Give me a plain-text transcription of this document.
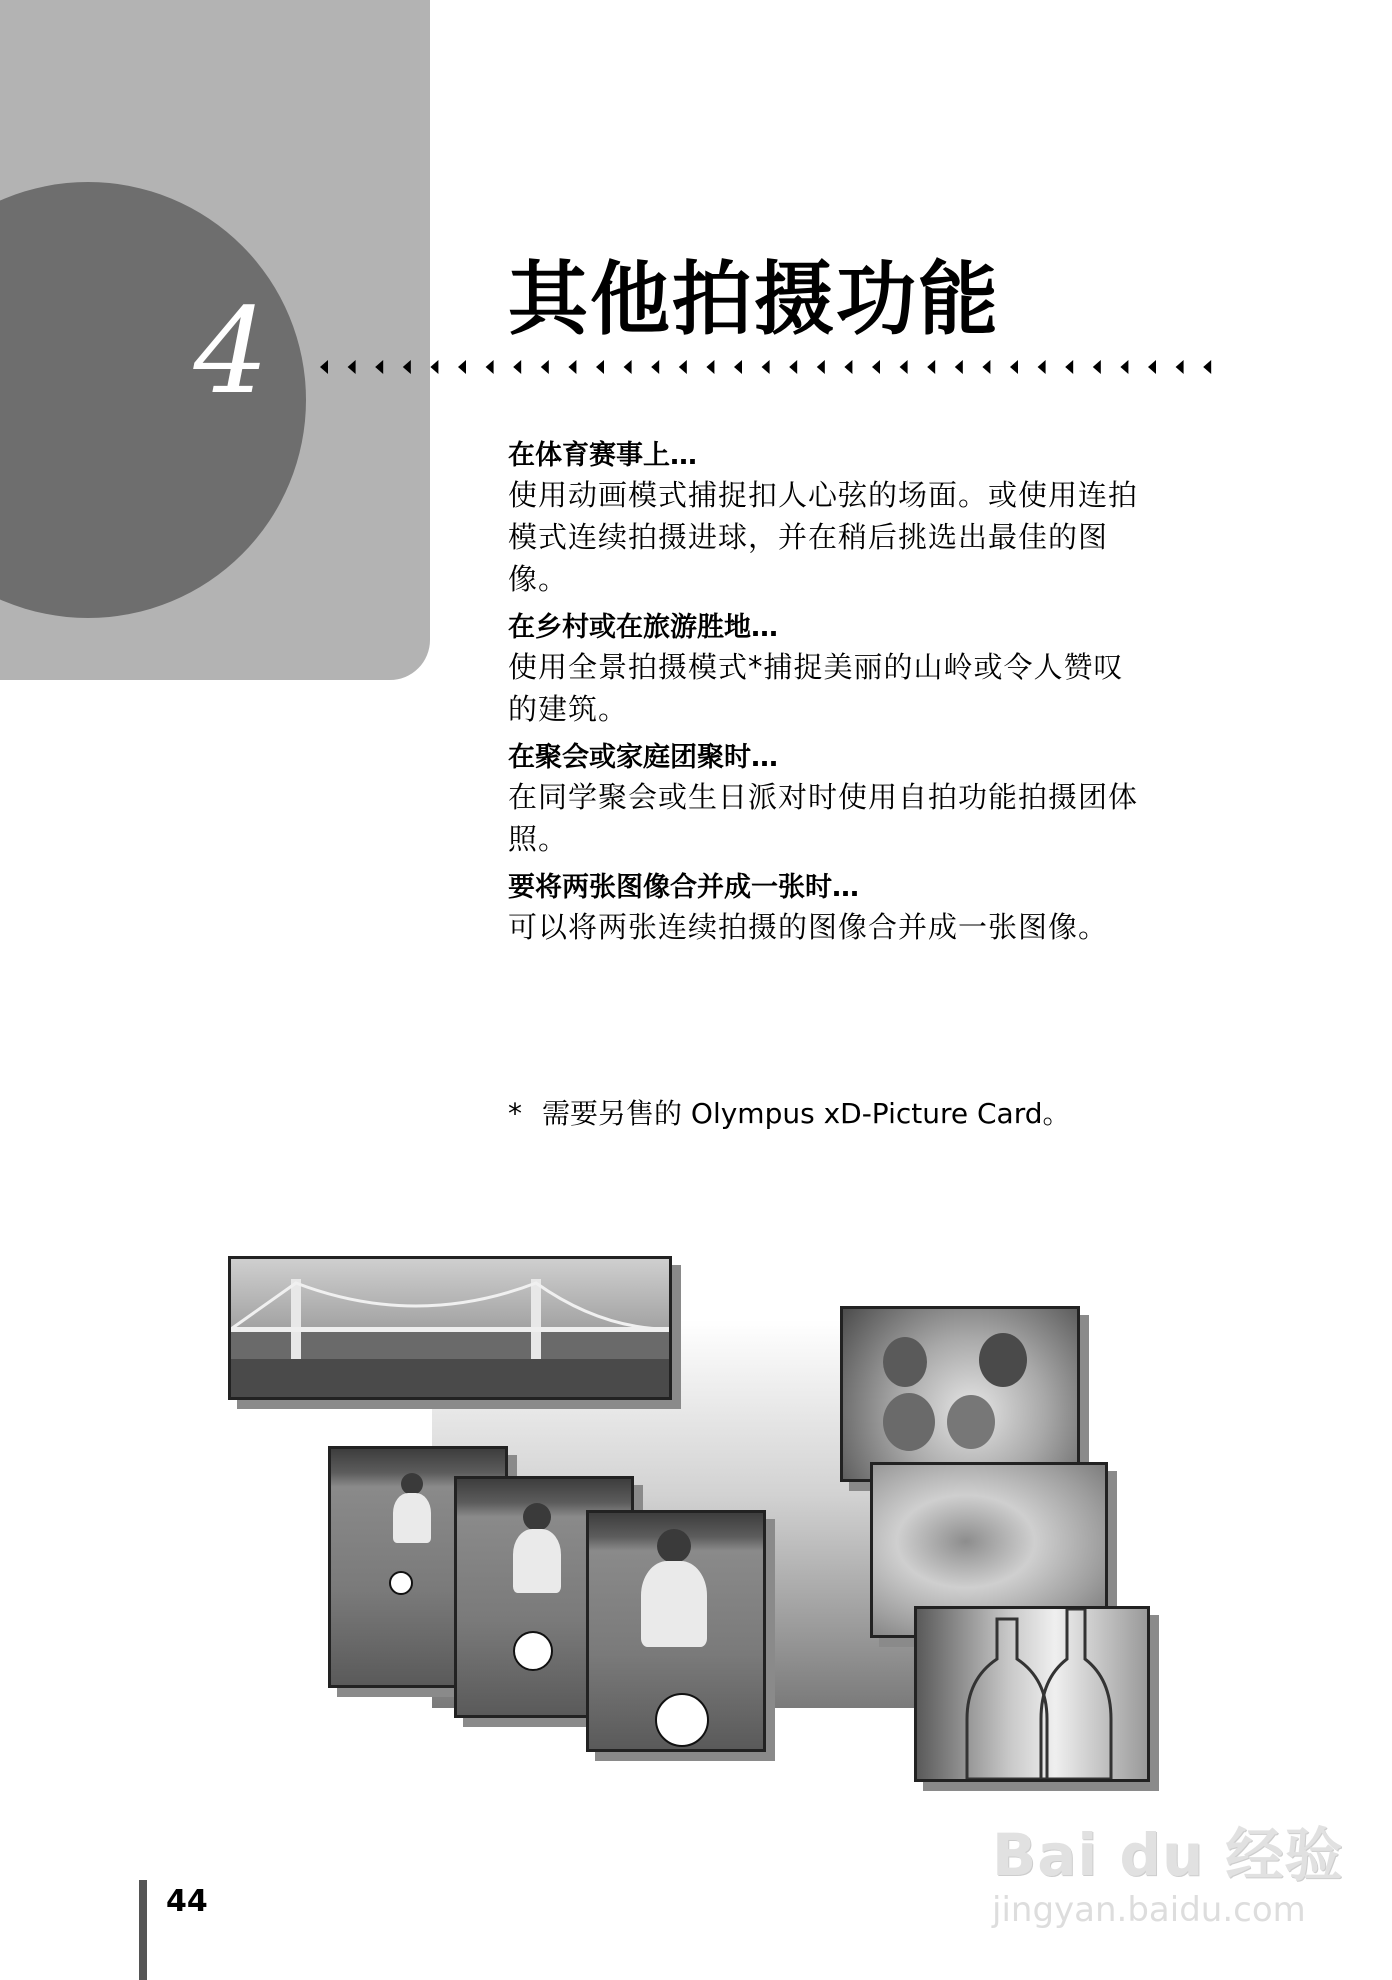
4	其他拍摄功能
在体育赛事上…
使用动画模式捕捉扣人心弦的场面。或使用连拍模式连续拍摄进球，并在稍后挑选出最佳的图像。
在乡村或在旅游胜地…
使用全景拍摄模式*捕捉美丽的山岭或令人赞叹的建筑。
在聚会或家庭团聚时…
在同学聚会或生日派对时使用自拍功能拍摄团体照。
要将两张图像合并成一张时…
可以将两张连续拍摄的图像合并成一张图像。
* 需要另售的 Olympus xD-Picture Card。
44
Bai du 经验
jingyan.baidu.com
